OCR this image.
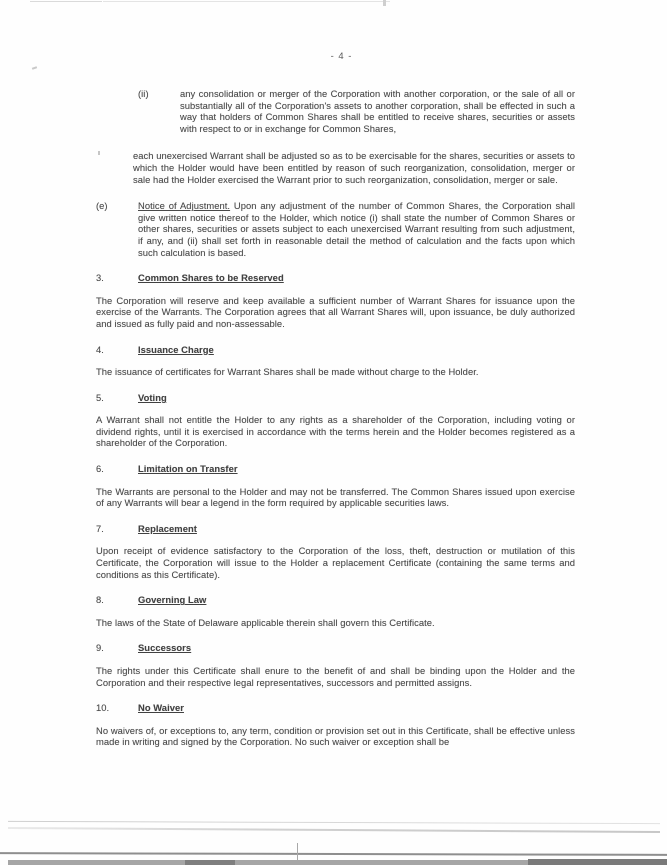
- 4 -
(ii)	any consolidation or merger of the Corporation with another corporation, or the sale of all or substantially all of the Corporation's assets to another corporation, shall be effected in such a way that holders of Common Shares shall be entitled to receive shares, securities or assets with respect to or in exchange for Common Shares,
each unexercised Warrant shall be adjusted so as to be exercisable for the shares, securities or assets to which the Holder would have been entitled by reason of such reorganization, consolidation, merger or sale had the Holder exercised the Warrant prior to such reorganization, consolidation, merger or sale.
(e)	Notice of Adjustment. Upon any adjustment of the number of Common Shares, the Corporation shall give written notice thereof to the Holder, which notice (i) shall state the number of Common Shares or other shares, securities or assets subject to each unexercised Warrant resulting from such adjustment, if any, and (ii) shall set forth in reasonable detail the method of calculation and the facts upon which such calculation is based.
3.	Common Shares to be Reserved
The Corporation will reserve and keep available a sufficient number of Warrant Shares for issuance upon the exercise of the Warrants. The Corporation agrees that all Warrant Shares will, upon issuance, be duly authorized and issued as fully paid and non-assessable.
4.	Issuance Charge
The issuance of certificates for Warrant Shares shall be made without charge to the Holder.
5.	Voting
A Warrant shall not entitle the Holder to any rights as a shareholder of the Corporation, including voting or dividend rights, until it is exercised in accordance with the terms herein and the Holder becomes registered as a shareholder of the Corporation.
6.	Limitation on Transfer
The Warrants are personal to the Holder and may not be transferred. The Common Shares issued upon exercise of any Warrants will bear a legend in the form required by applicable securities laws.
7.	Replacement
Upon receipt of evidence satisfactory to the Corporation of the loss, theft, destruction or mutilation of this Certificate, the Corporation will issue to the Holder a replacement Certificate (containing the same terms and conditions as this Certificate).
8.	Governing Law
The laws of the State of Delaware applicable therein shall govern this Certificate.
9.	Successors
The rights under this Certificate shall enure to the benefit of and shall be binding upon the Holder and the Corporation and their respective legal representatives, successors and permitted assigns.
10.	No Waiver
No waivers of, or exceptions to, any term, condition or provision set out in this Certificate, shall be effective unless made in writing and signed by the Corporation. No such waiver or exception shall be
